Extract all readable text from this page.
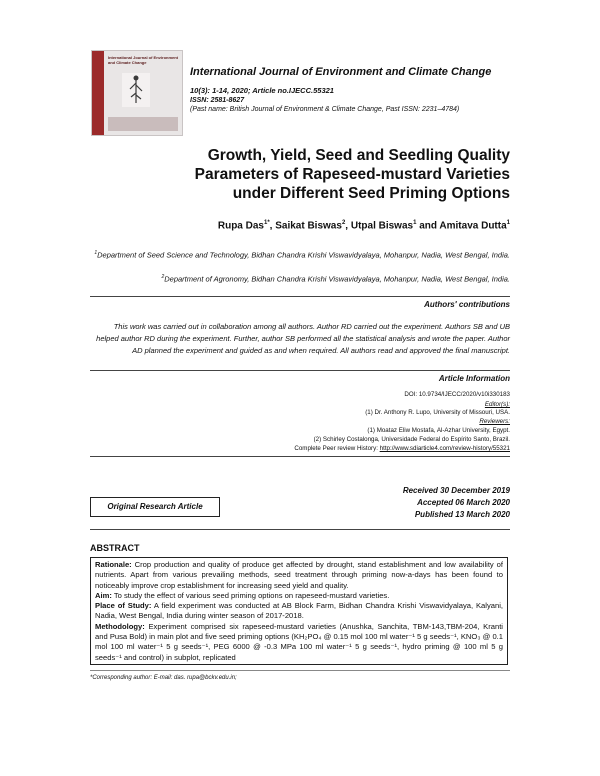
International Journal of Environment and Climate Change
International Journal of Environment and Climate Change
10(3): 1-14, 2020; Article no.IJECC.55321
ISSN: 2581-8627
(Past name: British Journal of Environment & Climate Change, Past ISSN: 2231–4784)
Growth, Yield, Seed and Seedling Quality
Parameters of Rapeseed-mustard Varieties
under Different Seed Priming Options
Rupa Das$^{1*}$, Saikat Biswas$^2$, Utpal Biswas$^1$ and Amitava Dutta$^1$
$^1$Department of Seed Science and Technology, Bidhan Chandra Krishi Viswavidyalaya, Mohanpur, Nadia, West Bengal, India.
$^2$Department of Agronomy, Bidhan Chandra Krishi Viswavidyalaya, Mohanpur, Nadia, West Bengal, India.
Authors' contributions
This work was carried out in collaboration among all authors. Author RD carried out the experiment. Authors SB and UB helped author RD during the experiment. Further, author SB performed all the statistical analysis and wrote the paper. Author AD planned the experiment and guided as and when required. All authors read and approved the final manuscript.
Article Information
DOI: 10.9734/IJECC/2020/v10i330183
Editor(s):
(1) Dr. Anthony R. Lupo, University of Missouri, USA.
Reviewers:
(1) Moataz Eliw Mostafa, Al-Azhar University, Egypt.
(2) Schirley Costalonga, Universidade Federal do Espírito Santo, Brazil.
Complete Peer review History: http://www.sdiarticle4.com/review-history/55321
Original Research Article
Received 30 December 2019
Accepted 06 March 2020
Published 13 March 2020
ABSTRACT

Rationale: Crop production and quality of produce get affected by drought, stand establishment and low availability of nutrients. Apart from various prevailing methods, seed treatment through priming now-a-days has been found to noticeably improve crop establishment for increasing seed yield and quality.

Aim: To study the effect of various seed priming options on rapeseed-mustard varieties.

Place of Study: A field experiment was conducted at AB Block Farm, Bidhan Chandra Krishi Viswavidyalaya, Kalyani, Nadia, West Bengal, India during winter season of 2017-2018.

Methodology: Experiment comprised six rapeseed-mustard varieties (Anushka, Sanchita, TBM-143,TBM-204, Kranti and Pusa Bold) in main plot and five seed priming options (KH₂PO₄ @ 0.15 mol 100 ml water⁻¹ 5 g seeds⁻¹, KNO₃ @ 0.1 mol 100 ml water⁻¹ 5 g seeds⁻¹, PEG 6000 @ -0.3 MPa 100 ml water⁻¹ 5 g seeds⁻¹, hydro priming @ 100 ml 5 g seeds⁻¹ and control) in subplot, replicated

*Corresponding author: E-mail: das. rupa@bckv.edu.in;
